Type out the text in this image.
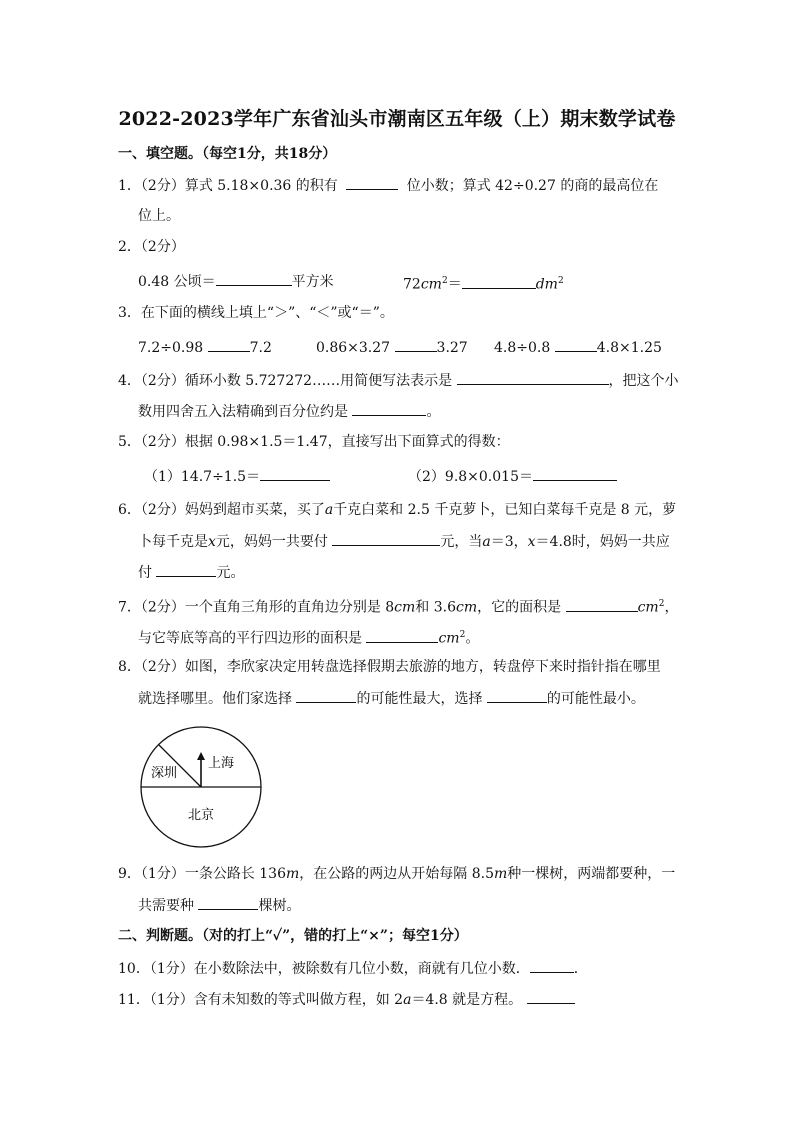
2022-2023学年广东省汕头市潮南区五年级（上）期末数学试卷
一、填空题。（每空1分，共18分）
1．（2分）算式 5.18×0.36 的积有	位小数；算式 42÷0.27 的商的最高位在
位上。
2．（2分）
0.48 公顷＝	平方米	$72cm^2=$	$dm^2$
3．在下面的横线上填上“＞”、“＜”或“＝”。
7.2÷0.98	7.2	0.86×3.27	3.27 4.8÷0.8	4.8×1.25
4．（2分）循环小数 5.727272……用简便写法表示是	，把这个小
数用四舍五入法精确到百分位约是	。
5．（2分）根据 0.98×1.5＝1.47，直接写出下面算式的得数：
（1）14.7÷1.5＝	（2）9.8×0.015＝
6．（2分）妈妈到超市买菜，买了a千克白菜和 2.5 千克萝卜，已知白菜每千克是 8 元，萝
卜每千克是x元，妈妈一共要付	元，当a＝3，x＝4.8时，妈妈一共应
付	元。
7．（2分）一个直角三角形的直角边分别是 8cm和 3.6cm，它的面积是	$cm^2$，
与它等底等高的平行四边形的面积是	$cm^2$。
8．（2分）如图，李欣家决定用转盘选择假期去旅游的地方，转盘停下来时指针指在哪里
就选择哪里。他们家选择	的可能性最大，选择	的可能性最小。
深圳
上海
北京
9．（1分）一条公路长 136m，在公路的两边从开始每隔 8.5m种一棵树，两端都要种，一
共需要种	棵树。
二、判断题。（对的打上“✓”，错的打上“×”；每空1分）
10．（1分）在小数除法中，被除数有几位小数，商就有几位小数．	．
11．（1分）含有未知数的等式叫做方程，如 2a＝4.8 就是方程。
